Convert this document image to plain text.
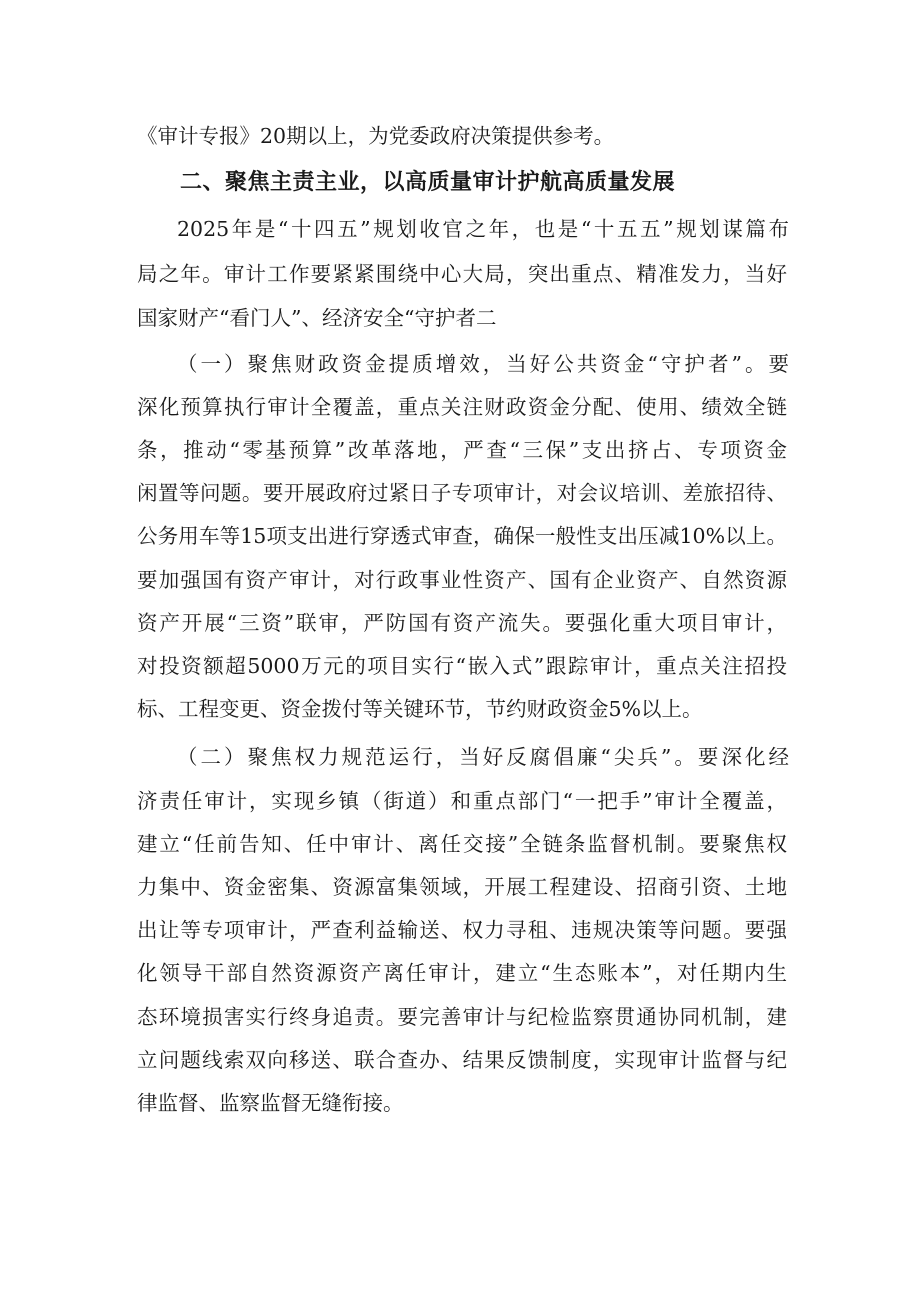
《审计专报》20期以上，为党委政府决策提供参考。
二、聚焦主责主业，以高质量审计护航高质量发展
2025年是“十四五”规划收官之年，也是“十五五”规划谋篇布
局之年。审计工作要紧紧围绕中心大局，突出重点、精准发力，当好
国家财产“看门人”、经济安全“守护者二
（一）聚焦财政资金提质增效，当好公共资金“守护者”。要
深化预算执行审计全覆盖，重点关注财政资金分配、使用、绩效全链
条，推动“零基预算”改革落地，严查“三保”支出挤占、专项资金
闲置等问题。要开展政府过紧日子专项审计，对会议培训、差旅招待、
公务用车等15项支出进行穿透式审查，确保一般性支出压减10%以上。
要加强国有资产审计，对行政事业性资产、国有企业资产、自然资源
资产开展“三资”联审，严防国有资产流失。要强化重大项目审计，
对投资额超5000万元的项目实行“嵌入式”跟踪审计，重点关注招投
标、工程变更、资金拨付等关键环节，节约财政资金5%以上。
（二）聚焦权力规范运行，当好反腐倡廉“尖兵”。要深化经
济责任审计，实现乡镇（街道）和重点部门“一把手”审计全覆盖，
建立“任前告知、任中审计、离任交接”全链条监督机制。要聚焦权
力集中、资金密集、资源富集领域，开展工程建设、招商引资、土地
出让等专项审计，严查利益输送、权力寻租、违规决策等问题。要强
化领导干部自然资源资产离任审计，建立“生态账本”，对任期内生
态环境损害实行终身追责。要完善审计与纪检监察贯通协同机制，建
立问题线索双向移送、联合查办、结果反馈制度，实现审计监督与纪
律监督、监察监督无缝衔接。
